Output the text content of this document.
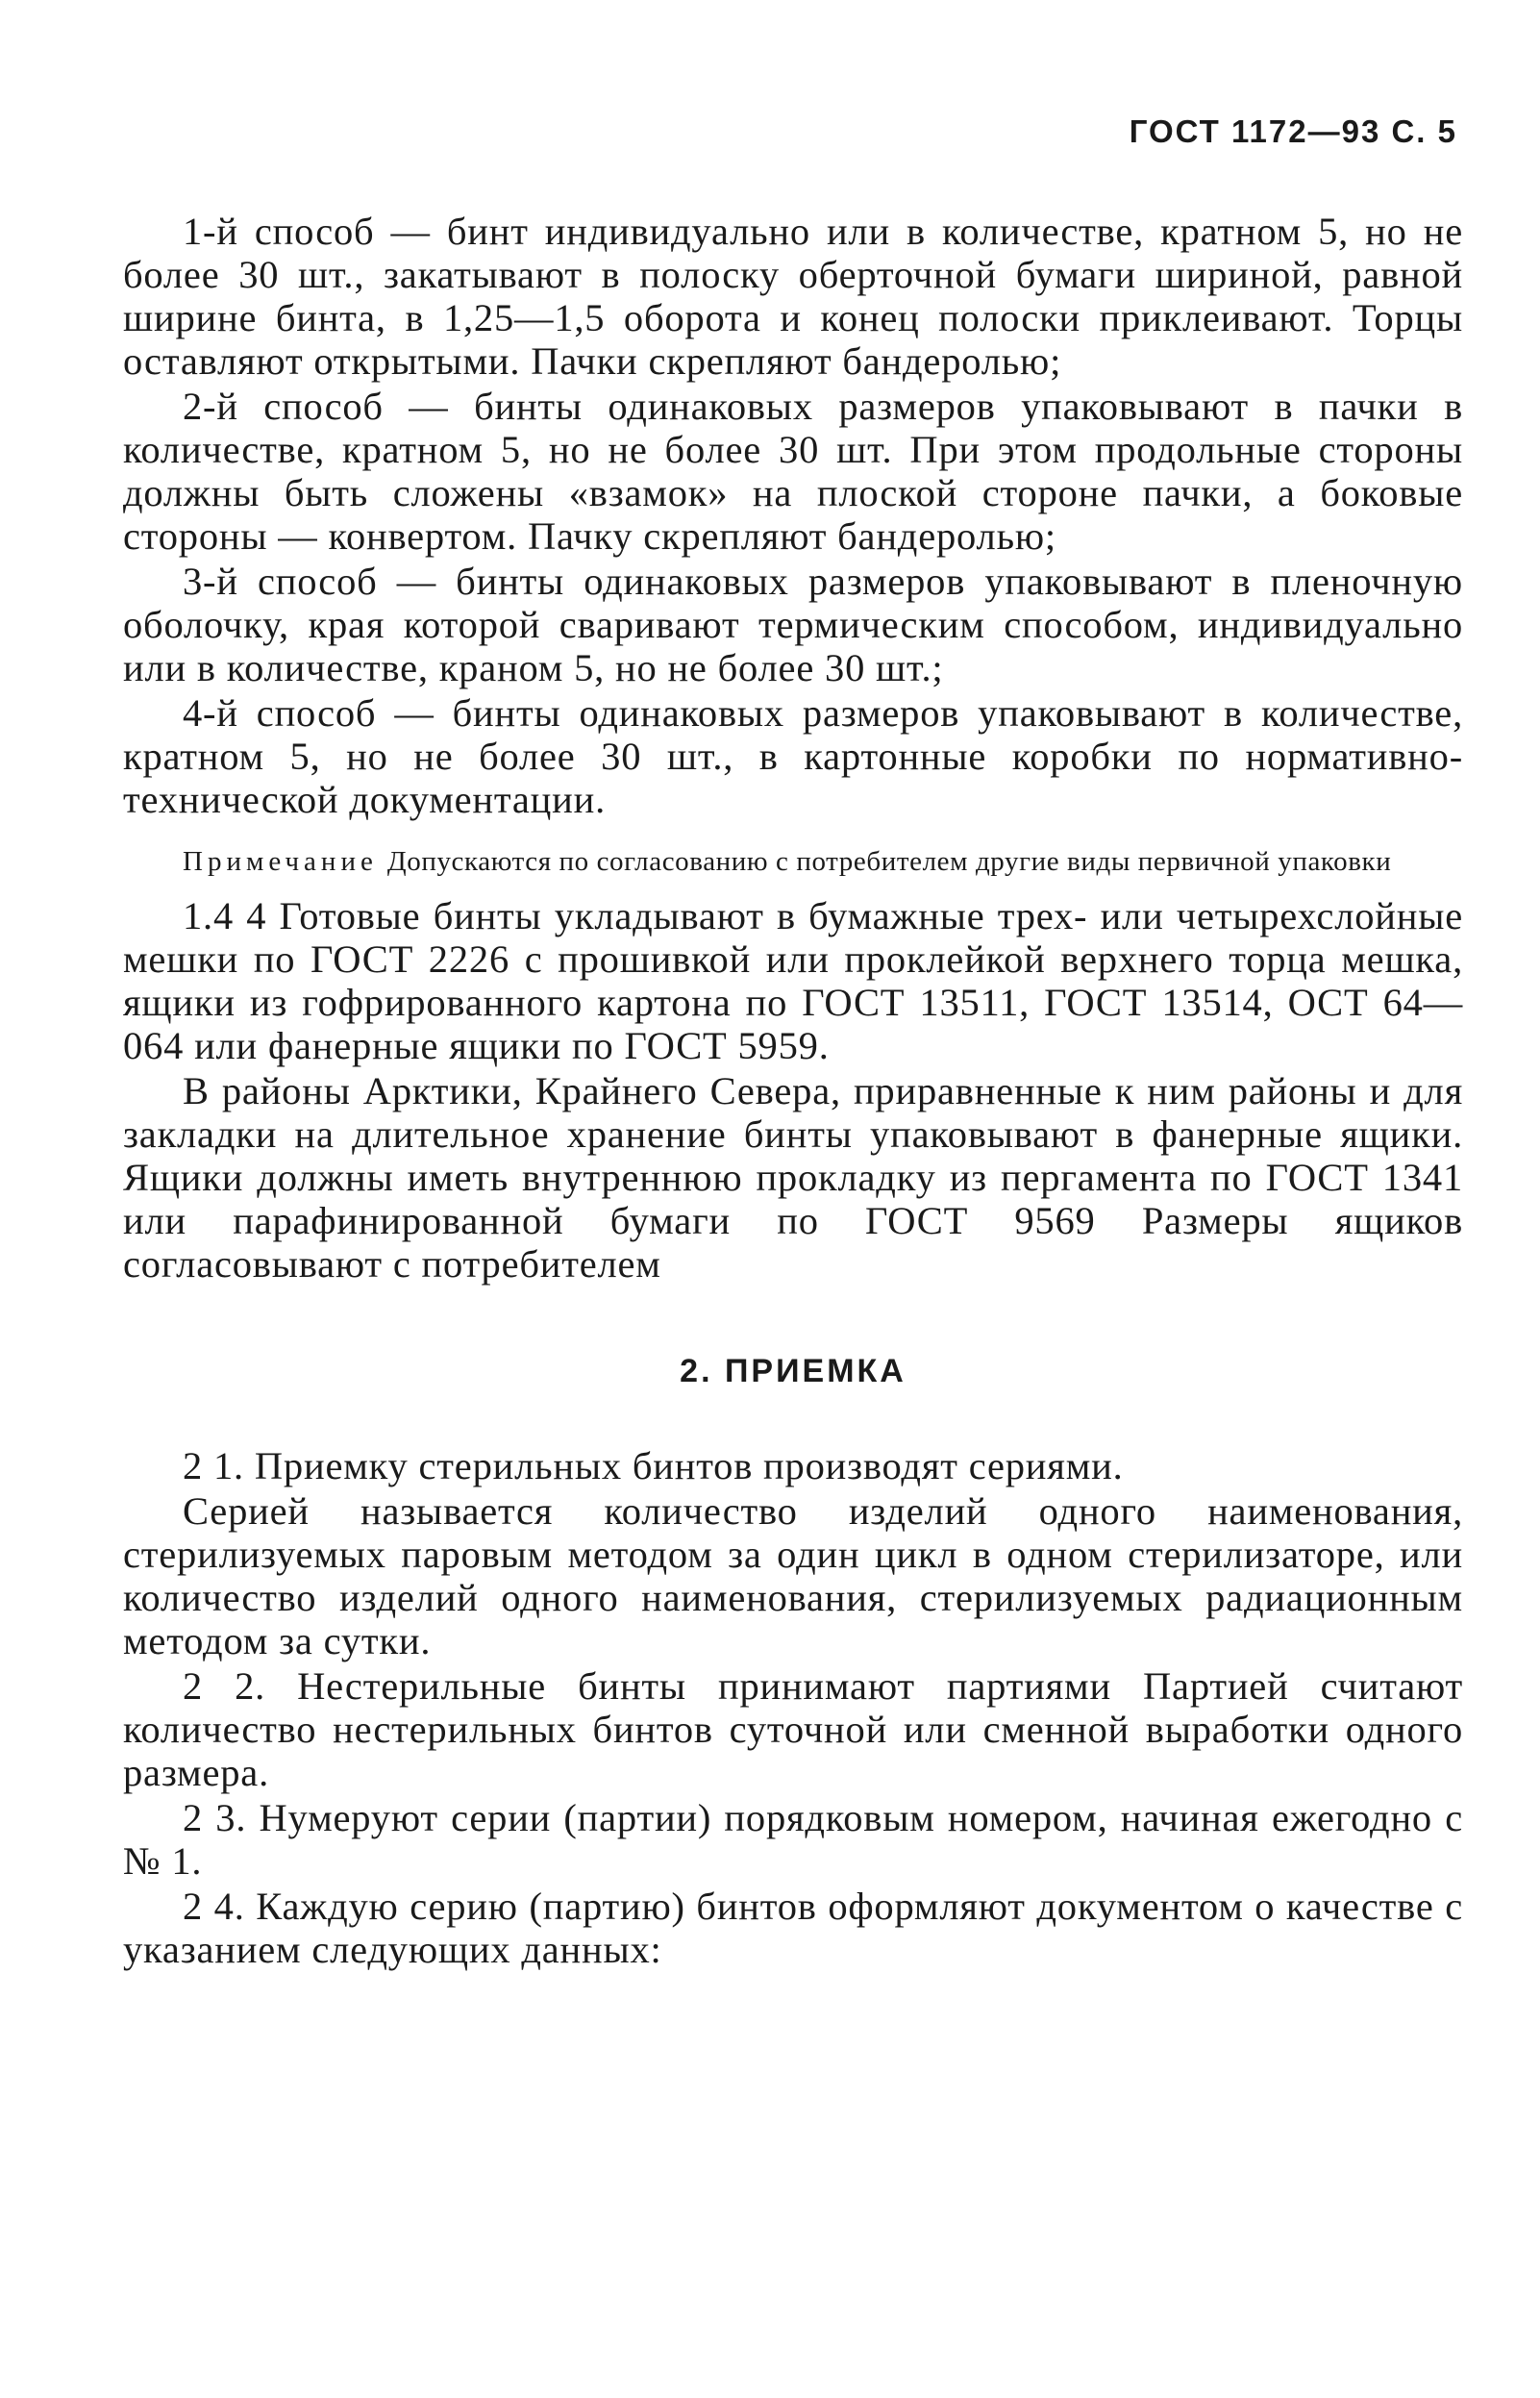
ГОСТ 1172—93 С. 5

1-й способ — бинт индивидуально или в количестве, кратном 5, но не более 30 шт., закатывают в полоску оберточной бумаги шириной, равной ширине бинта, в 1,25—1,5 оборота и конец полоски приклеивают. Торцы оставляют открытыми. Пачки скрепляют бандеролью;

2-й способ — бинты одинаковых размеров упаковывают в пачки в количестве, кратном 5, но не более 30 шт. При этом продольные стороны должны быть сложены «взамок» на плоской стороне пачки, а боковые стороны — конвертом. Пачку скрепляют бандеролью;

3-й способ — бинты одинаковых размеров упаковывают в пленочную оболочку, края которой сваривают термическим способом, индивидуально или в количестве, краном 5, но не более 30 шт.;

4-й способ — бинты одинаковых размеров упаковывают в количестве, кратном 5, но не более 30 шт., в картонные коробки по нормативно-технической документации.

Примечание Допускаются по согласованию с потребителем другие виды первичной упаковки

1.4 4 Готовые бинты укладывают в бумажные трех- или четырехслойные мешки по ГОСТ 2226 с прошивкой или проклейкой верхнего торца мешка, ящики из гофрированного картона по ГОСТ 13511, ГОСТ 13514, ОСТ 64—064 или фанерные ящики по ГОСТ 5959.

В районы Арктики, Крайнего Севера, приравненные к ним районы и для закладки на длительное хранение бинты упаковывают в фанерные ящики. Ящики должны иметь внутреннюю прокладку из пергамента по ГОСТ 1341 или парафинированной бумаги по ГОСТ 9569 Размеры ящиков согласовывают с потребителем

2. ПРИЕМКА

2 1. Приемку стерильных бинтов производят сериями.

Серией называется количество изделий одного наименования, стерилизуемых паровым методом за один цикл в одном стерилизаторе, или количество изделий одного наименования, стерилизуемых радиационным методом за сутки.

2 2. Нестерильные бинты принимают партиями Партией считают количество нестерильных бинтов суточной или сменной выработки одного размера.

2 3. Нумеруют серии (партии) порядковым номером, начиная ежегодно с № 1.

2 4. Каждую серию (партию) бинтов оформляют документом о качестве с указанием следующих данных:
